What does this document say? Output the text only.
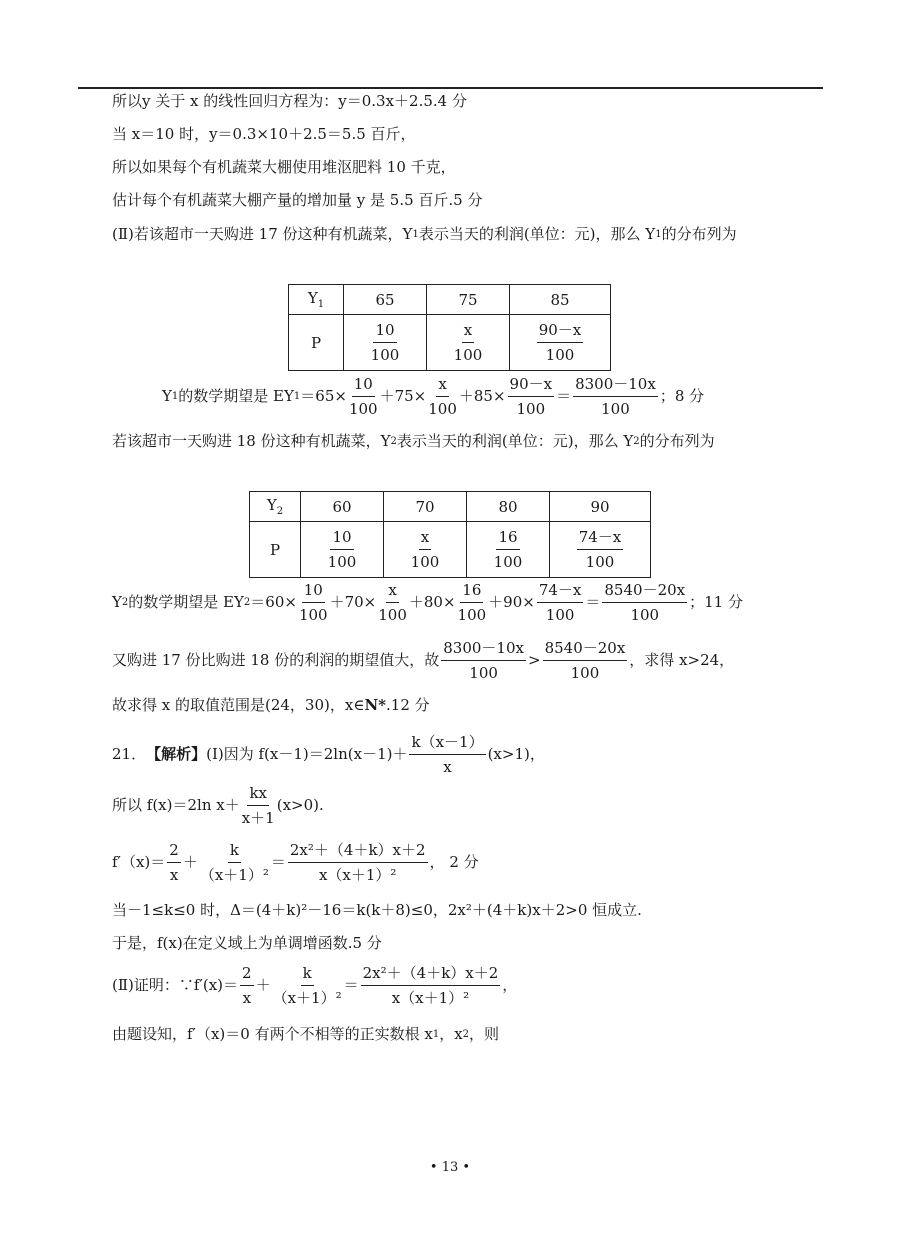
所以y 关于 x 的线性回归方程为：y＝0.3x＋2.5.4 分
当 x＝10 时，y＝0.3×10＋2.5＝5.5 百斤，
所以如果每个有机蔬菜大棚使用堆沤肥料 10 千克，
估计每个有机蔬菜大棚产量的增加量 y 是 5.5 百斤.5 分
(Ⅱ)若该超市一天购进 17 份这种有机蔬菜，Y 1 表示当天的利润(单位：元)，那么 Y 1 的分布列为
$Y_1$	65	75	85
P	$\frac{10}{100}$	$\frac{x}{100}$	$\frac{90-x}{100}$
Y 1 的数学期望是 EY $1 =65\times \frac{10}{100} +75\times \frac{x}{100} +85\times \frac{90-x}{100} = \frac{8300-10x}{100}$ ；8 分
若该超市一天购进 18 份这种有机蔬菜，Y 2 表示当天的利润(单位：元)，那么 Y 2 的分布列为
$Y_2$	60	70	80	90
P	$\frac{10}{100}$	$\frac{x}{100}$	$\frac{16}{100}$	$\frac{74-x}{100}$
Y 2 的数学期望是 EY $2 =60\times \frac{10}{100} +70\times \frac{x}{100} +80\times \frac{16}{100} +90\times \frac{74-x}{100} = \frac{8540-20x}{100}$ ；11 分
又购进 17 份比购进 18 份的利润的期望值大，故 $\frac{8300-10x}{100} > \frac{8540-20x}{100}$ ，求得 x>24，
故求得 x 的取值范围是(24，30)，x∈ N* .12 分
21． 【解析】 (Ⅰ)因为 $f(x-1)=2\ln(x-1)+ \frac{k(x-1)}{x} (x>1)$，
所以 f(x)＝2ln $x+ \frac{kx}{x+1} (x>0)$.
$f'(x)= \frac{2}{x} + \frac{k}{\text{（x＋1）²}} = \frac{\text{2x²＋（4＋k）x＋2}}{\text{x（x＋1）²}}$ ， 2 分
当－1≤k≤0 时，Δ＝(4＋k)²－16＝k(k＋8)≤0，2x²＋(4＋k)x＋2>0 恒成立.
于是，f(x)在定义域上为单调增函数.5 分
(Ⅱ)证明：∵f′(x)＝ $\frac{2}{x} + \frac{k}{\text{（x＋1）²}} = \frac{\text{2x²＋（4＋k）x＋2}}{\text{x（x＋1）²}}$ ，
由题设知，f′（x)＝0 有两个不相等的正实数根 x 1 ，x 2 ，则
• 13 •
